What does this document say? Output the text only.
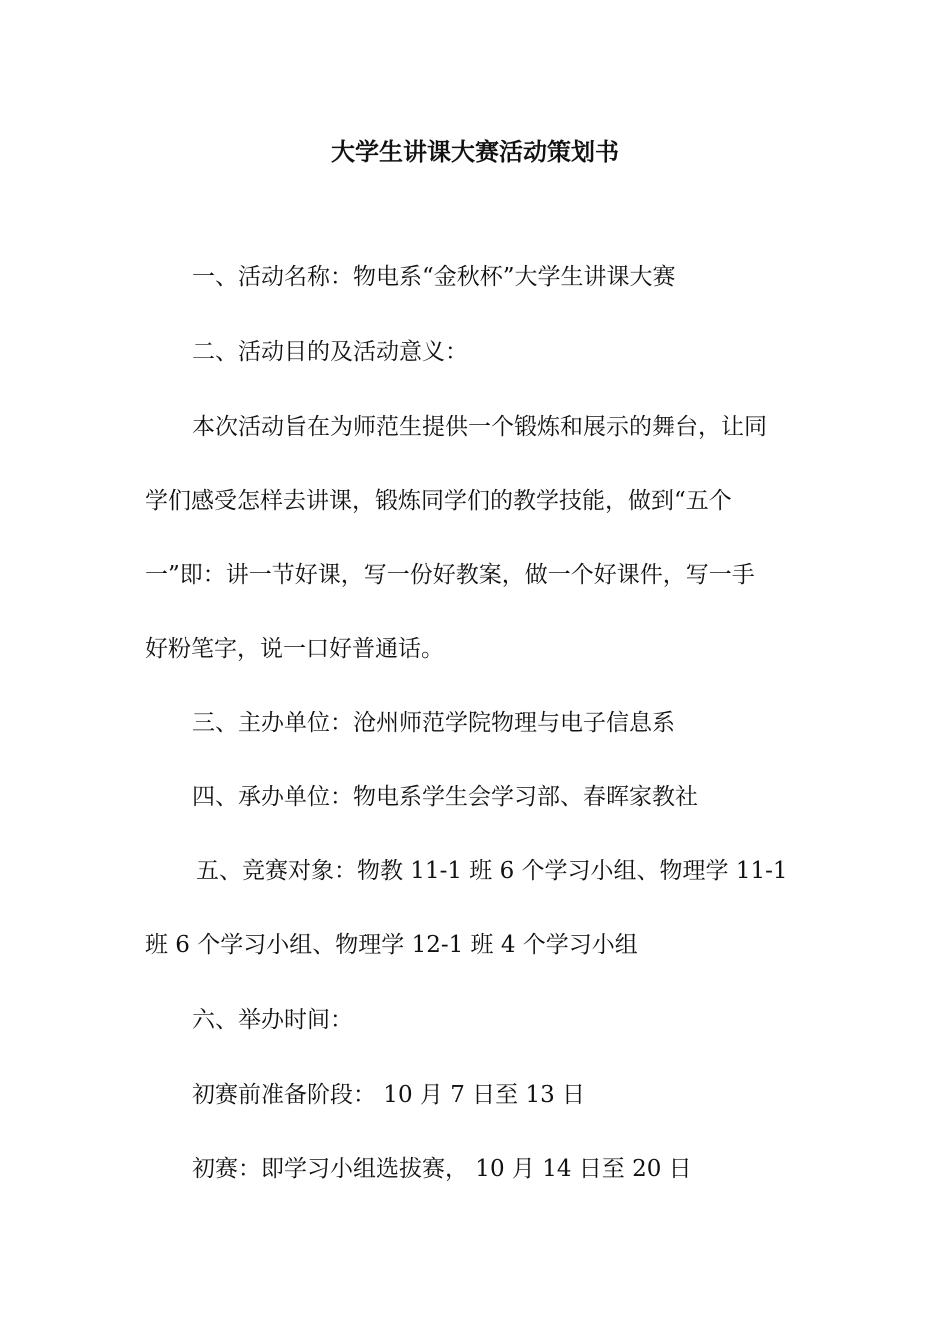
大学生讲课大赛活动策划书

一、活动名称：物电系“金秋杯”大学生讲课大赛

二、活动目的及活动意义：

本次活动旨在为师范生提供一个锻炼和展示的舞台，让同

学们感受怎样去讲课，锻炼同学们的教学技能，做到“五个

一”即：讲一节好课，写一份好教案，做一个好课件，写一手

好粉笔字，说一口好普通话。

三、主办单位：沧州师范学院物理与电子信息系

四、承办单位：物电系学生会学习部、春晖家教社

五、竞赛对象：物教 11-1 班 6 个学习小组、物理学 11-1

班 6 个学习小组、物理学 12-1 班 4 个学习小组

六、举办时间：

初赛前准备阶段： 10 月 7 日至 13 日

初赛：即学习小组选拔赛， 10 月 14 日至 20 日
